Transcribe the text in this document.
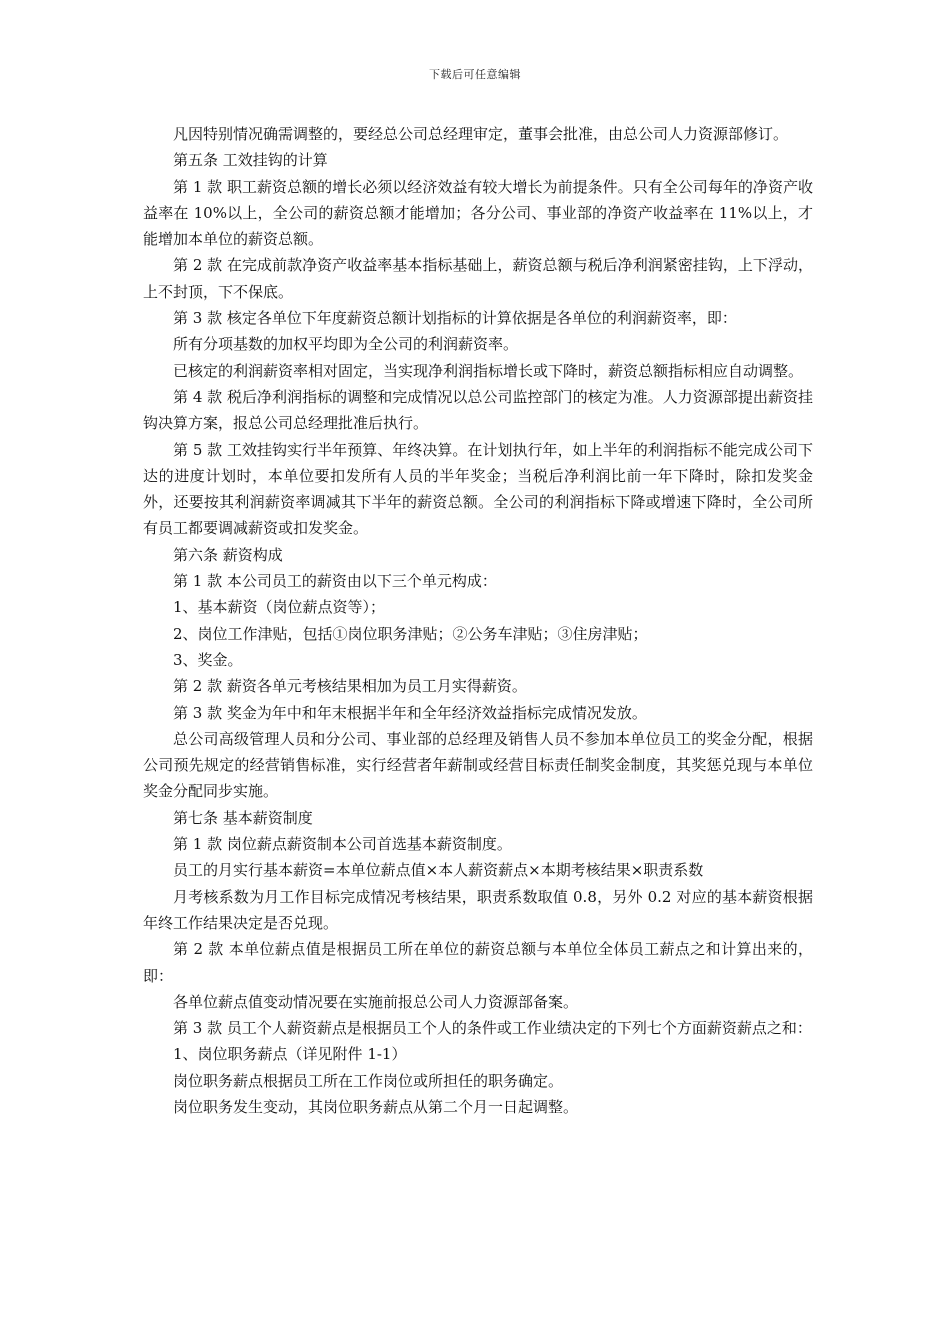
下载后可任意编辑

凡因特别情况确需调整的，要经总公司总经理审定，董事会批准，由总公司人力资源部修订。

第五条 工效挂钩的计算

第 1 款 职工薪资总额的增长必须以经济效益有较大增长为前提条件。只有全公司每年的净资产收益率在 10%以上，全公司的薪资总额才能增加；各分公司、事业部的净资产收益率在 11%以上，才能增加本单位的薪资总额。

第 2 款 在完成前款净资产收益率基本指标基础上，薪资总额与税后净利润紧密挂钩，上下浮动，上不封顶，下不保底。

第 3 款 核定各单位下年度薪资总额计划指标的计算依据是各单位的利润薪资率，即：

所有分项基数的加权平均即为全公司的利润薪资率。

已核定的利润薪资率相对固定，当实现净利润指标增长或下降时，薪资总额指标相应自动调整。

第 4 款 税后净利润指标的调整和完成情况以总公司监控部门的核定为准。人力资源部提出薪资挂钩决算方案，报总公司总经理批准后执行。

第 5 款 工效挂钩实行半年预算、年终决算。在计划执行年，如上半年的利润指标不能完成公司下达的进度计划时，本单位要扣发所有人员的半年奖金；当税后净利润比前一年下降时，除扣发奖金外，还要按其利润薪资率调减其下半年的薪资总额。全公司的利润指标下降或增速下降时，全公司所有员工都要调减薪资或扣发奖金。

第六条 薪资构成

第 1 款 本公司员工的薪资由以下三个单元构成：

1、基本薪资（岗位薪点资等）；

2、岗位工作津贴，包括①岗位职务津贴；②公务车津贴；③住房津贴；

3、奖金。

第 2 款 薪资各单元考核结果相加为员工月实得薪资。

第 3 款 奖金为年中和年末根据半年和全年经济效益指标完成情况发放。

总公司高级管理人员和分公司、事业部的总经理及销售人员不参加本单位员工的奖金分配，根据公司预先规定的经营销售标准，实行经营者年薪制或经营目标责任制奖金制度，其奖惩兑现与本单位奖金分配同步实施。

第七条 基本薪资制度

第 1 款 岗位薪点薪资制本公司首选基本薪资制度。

员工的月实行基本薪资=本单位薪点值×本人薪资薪点×本期考核结果×职责系数

月考核系数为月工作目标完成情况考核结果，职责系数取值 0.8，另外 0.2 对应的基本薪资根据年终工作结果决定是否兑现。

第 2 款 本单位薪点值是根据员工所在单位的薪资总额与本单位全体员工薪点之和计算出来的，即：

各单位薪点值变动情况要在实施前报总公司人力资源部备案。

第 3 款 员工个人薪资薪点是根据员工个人的条件或工作业绩决定的下列七个方面薪资薪点之和：

1、岗位职务薪点（详见附件 1-1）

岗位职务薪点根据员工所在工作岗位或所担任的职务确定。

岗位职务发生变动，其岗位职务薪点从第二个月一日起调整。
